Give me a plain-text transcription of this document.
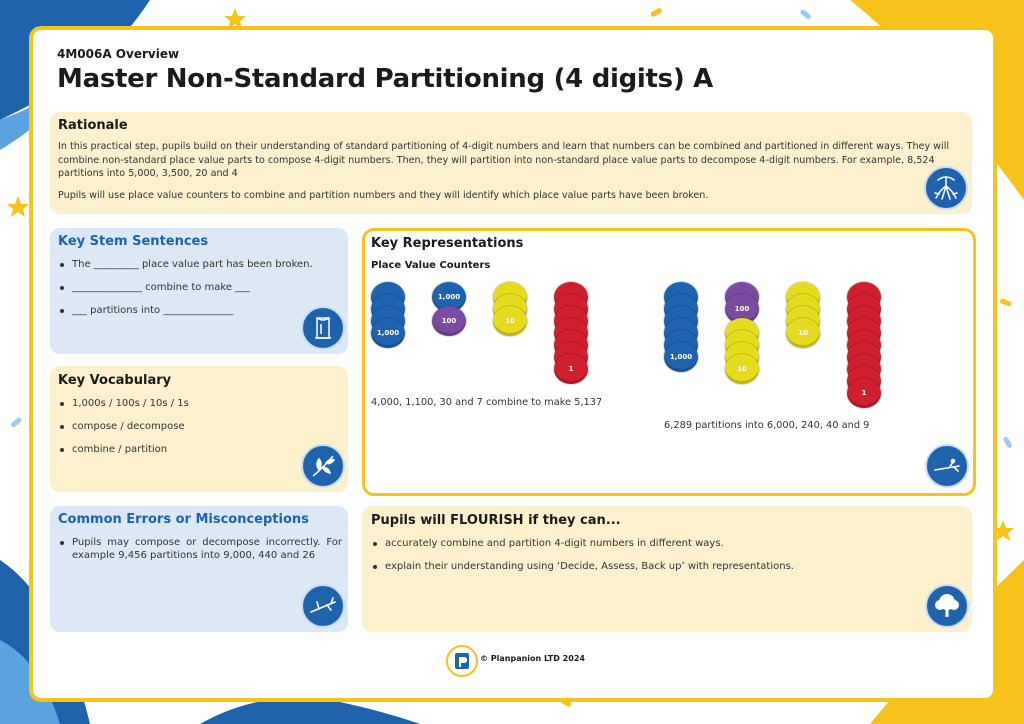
4M006A Overview
Master Non-Standard Partitioning (4 digits) A
Rationale
In this practical step, pupils build on their understanding of standard partitioning of 4-digit numbers and learn that numbers can be combined and partitioned in different ways. They will combine non-standard place value parts to compose 4-digit numbers. Then, they will partition into non-standard place value parts to decompose 4-digit numbers. For example, 8,524 partitions into 5,000, 3,500, 20 and 4
Pupils will use place value counters to combine and partition numbers and they will identify which place value parts have been broken.
Key Stem Sentences
The _________ place value part has been broken.
______________ combine to make ___
___ partitions into ______________
Key Vocabulary
1,000s / 100s / 10s / 1s
compose / decompose
combine / partition
Common Errors or Misconceptions
Pupils may compose or decompose incorrectly. For example 9,456 partitions into 9,000, 440 and 26
Key Representations
Place Value Counters
1,000
1,000
100	10
1
1,000
100
10
10
1
4,000, 1,100, 30 and 7 combine to make 5,137
6,289 partitions into 6,000, 240, 40 and 9
Pupils will FLOURISH if they can...
accurately combine and partition 4-digit numbers in different ways.
explain their understanding using ‘Decide, Assess, Back up’ with representations.
© Planpanion LTD 2024
